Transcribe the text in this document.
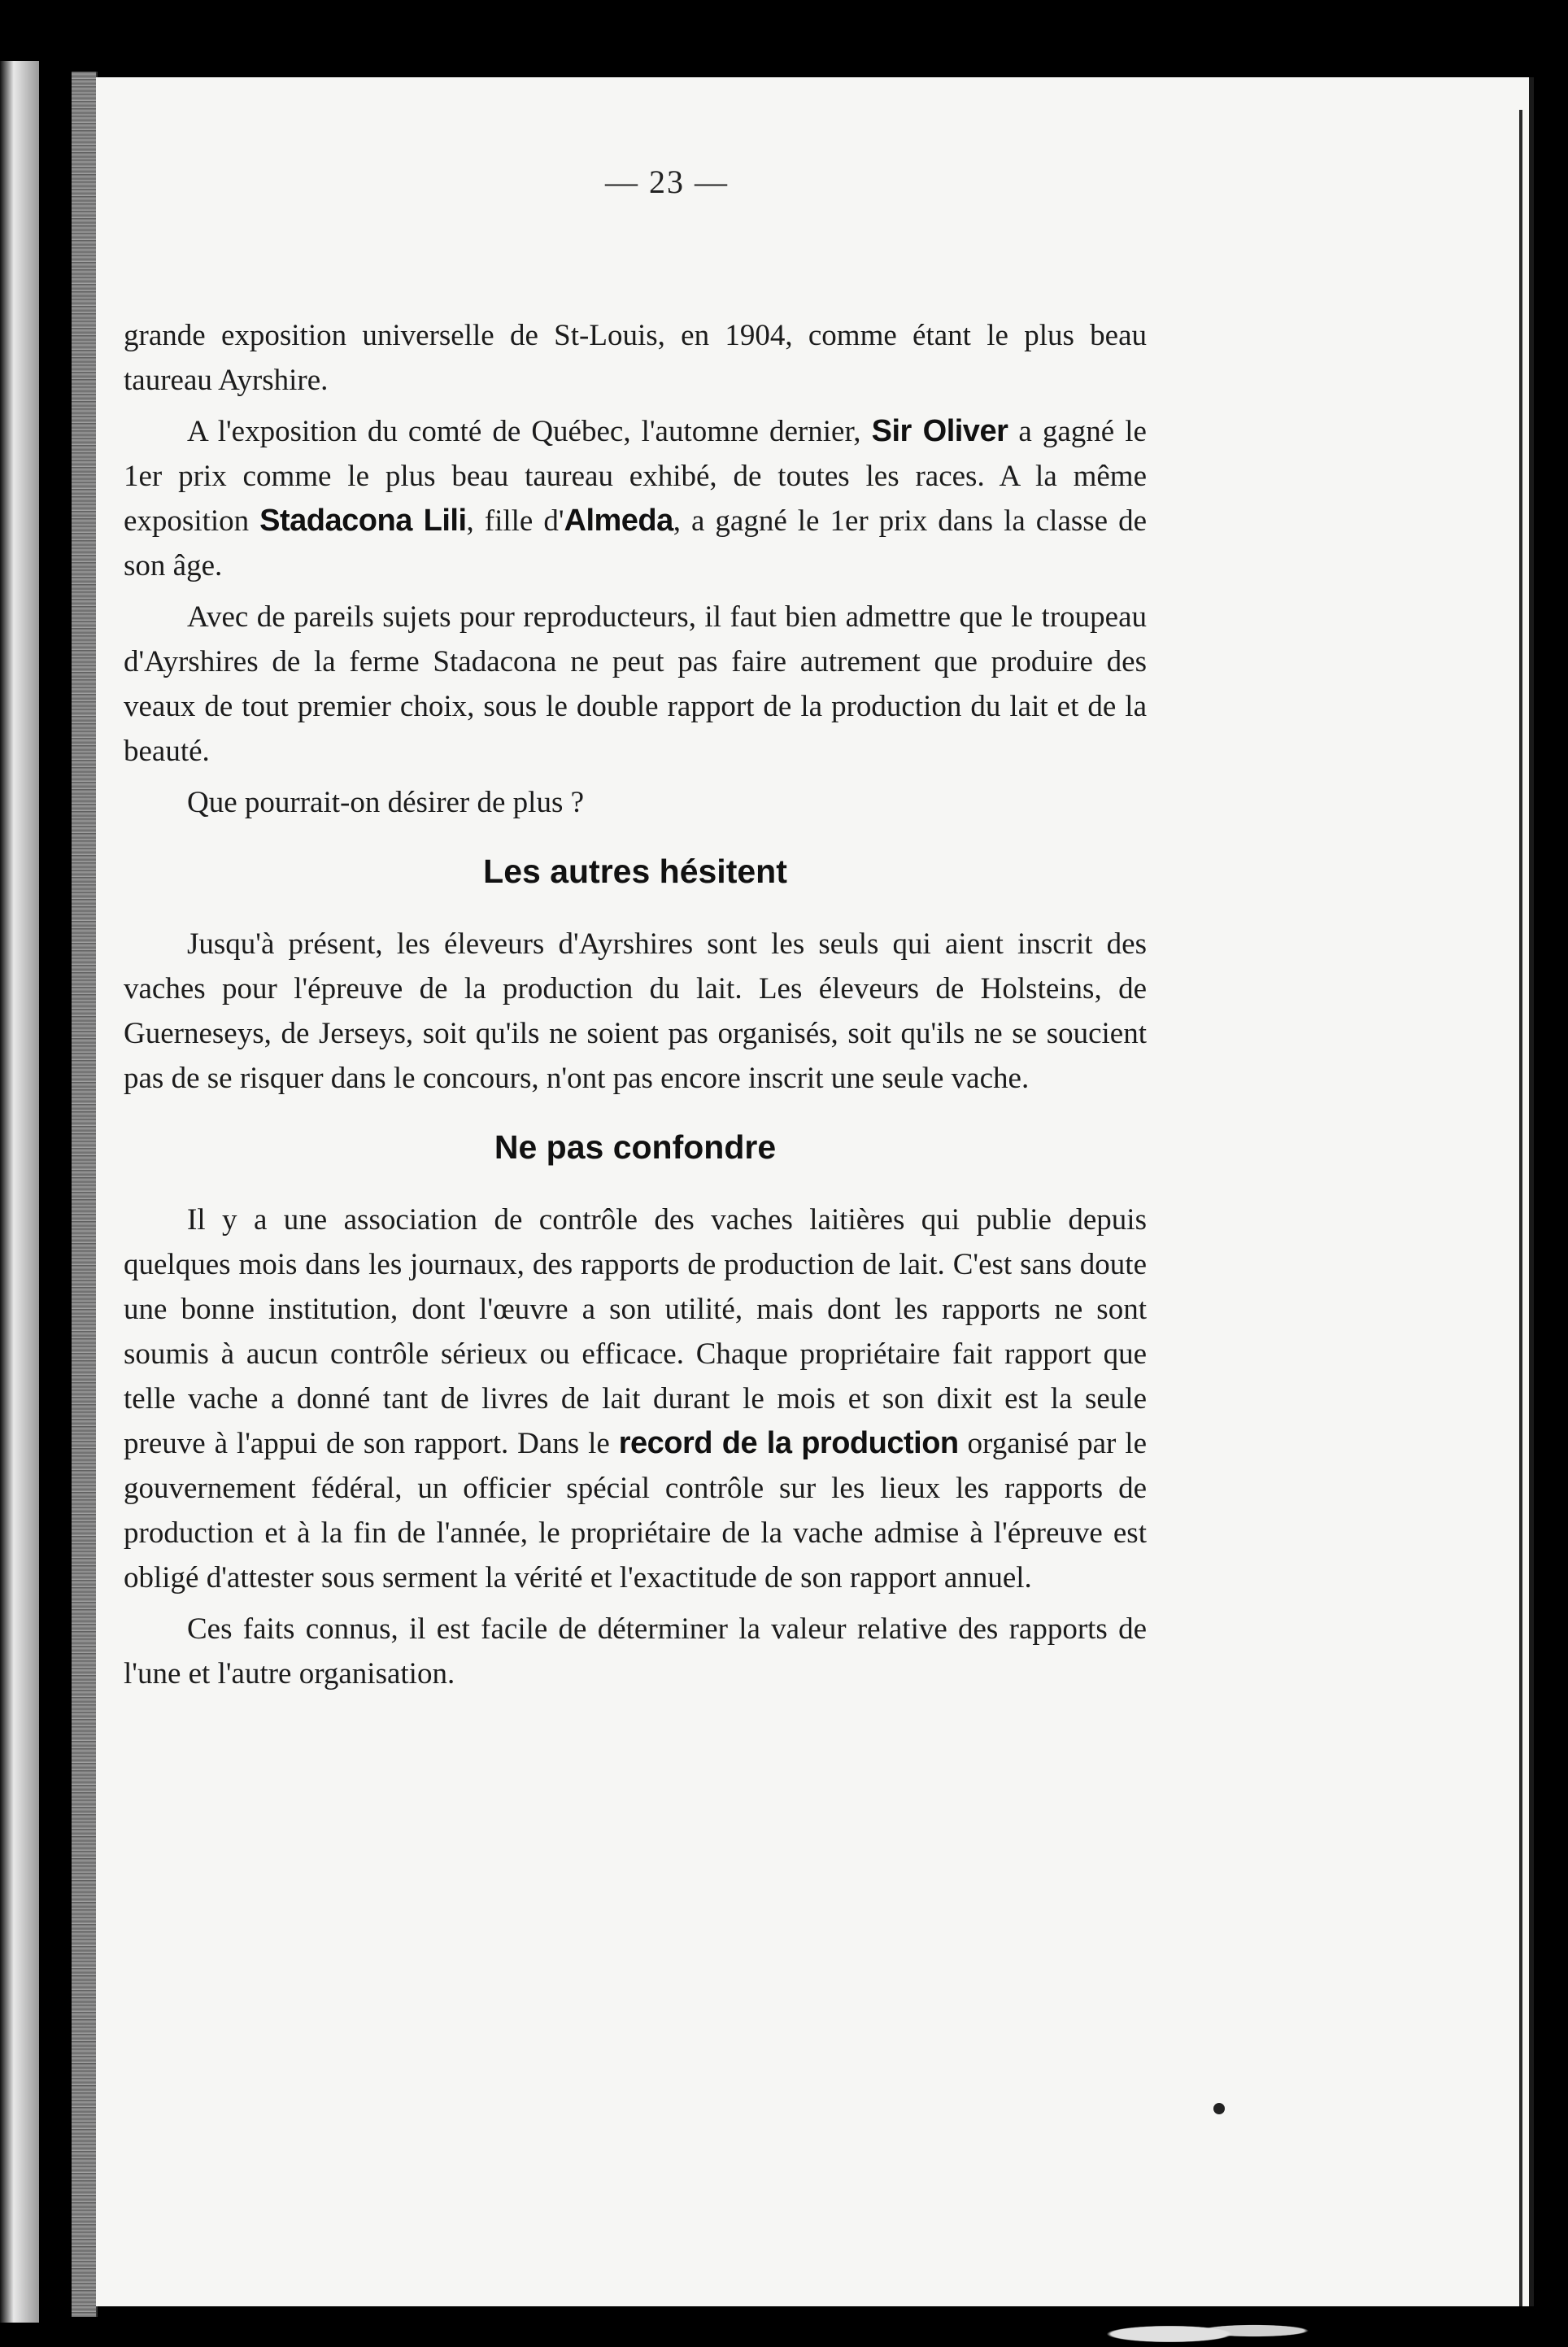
— 23 —

grande exposition universelle de St-Louis, en 1904, comme étant le plus beau taureau Ayrshire.

A l'exposition du comté de Québec, l'automne dernier, Sir Oliver a gagné le 1er prix comme le plus beau taureau exhibé, de toutes les races. A la même exposition Stadacona Lili, fille d'Almeda, a gagné le 1er prix dans la classe de son âge.

Avec de pareils sujets pour reproducteurs, il faut bien admettre que le troupeau d'Ayrshires de la ferme Stadacona ne peut pas faire autrement que produire des veaux de tout premier choix, sous le double rapport de la production du lait et de la beauté.

Que pourrait-on désirer de plus ?

Les autres hésitent

Jusqu'à présent, les éleveurs d'Ayrshires sont les seuls qui aient inscrit des vaches pour l'épreuve de la production du lait. Les éleveurs de Holsteins, de Guerneseys, de Jerseys, soit qu'ils ne soient pas organisés, soit qu'ils ne se soucient pas de se risquer dans le concours, n'ont pas encore inscrit une seule vache.

Ne pas confondre

Il y a une association de contrôle des vaches laitières qui publie depuis quelques mois dans les journaux, des rapports de production de lait. C'est sans doute une bonne institution, dont l'œuvre a son utilité, mais dont les rapports ne sont soumis à aucun contrôle sérieux ou efficace. Chaque propriétaire fait rapport que telle vache a donné tant de livres de lait durant le mois et son dixit est la seule preuve à l'appui de son rapport. Dans le record de la production organisé par le gouvernement fédéral, un officier spécial contrôle sur les lieux les rapports de production et à la fin de l'année, le propriétaire de la vache admise à l'épreuve est obligé d'attester sous serment la vérité et l'exactitude de son rapport annuel.

Ces faits connus, il est facile de déterminer la valeur relative des rapports de l'une et l'autre organisation.
